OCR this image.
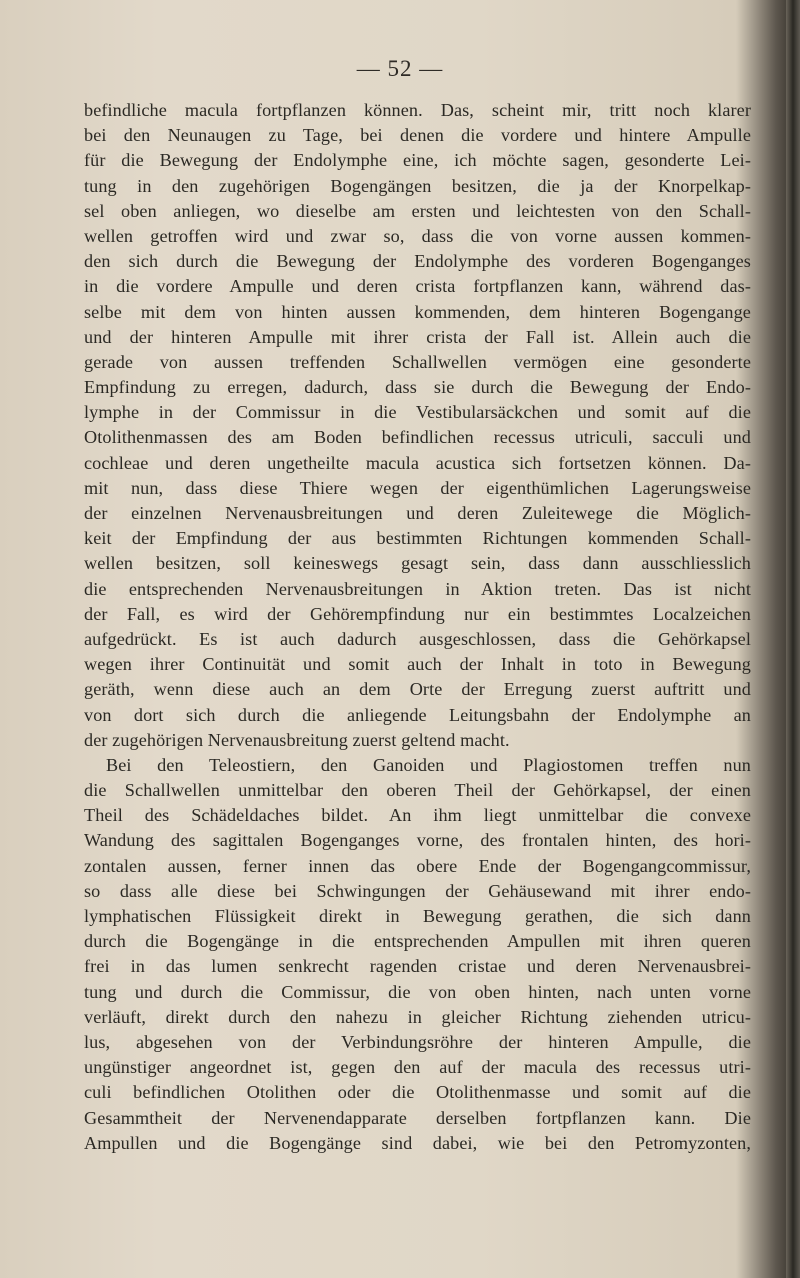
— 52 —
befindliche macula fortpflanzen können. Das, scheint mir, tritt noch klarer
bei den Neunaugen zu Tage, bei denen die vordere und hintere Ampulle
für die Bewegung der Endolymphe eine, ich möchte sagen, gesonderte Lei-
tung in den zugehörigen Bogengängen besitzen, die ja der Knorpelkap-
sel oben anliegen, wo dieselbe am ersten und leichtesten von den Schall-
wellen getroffen wird und zwar so, dass die von vorne aussen kommen-
den sich durch die Bewegung der Endolymphe des vorderen Bogenganges
in die vordere Ampulle und deren crista fortpflanzen kann, während das-
selbe mit dem von hinten aussen kommenden, dem hinteren Bogengange
und der hinteren Ampulle mit ihrer crista der Fall ist. Allein auch die
gerade von aussen treffenden Schallwellen vermögen eine gesonderte
Empfindung zu erregen, dadurch, dass sie durch die Bewegung der Endo-
lymphe in der Commissur in die Vestibularsäckchen und somit auf die
Otolithenmassen des am Boden befindlichen recessus utriculi, sacculi und
cochleae und deren ungetheilte macula acustica sich fortsetzen können. Da-
mit nun, dass diese Thiere wegen der eigenthümlichen Lagerungsweise
der einzelnen Nervenausbreitungen und deren Zuleitewege die Möglich-
keit der Empfindung der aus bestimmten Richtungen kommenden Schall-
wellen besitzen, soll keineswegs gesagt sein, dass dann ausschliesslich
die entsprechenden Nervenausbreitungen in Aktion treten. Das ist nicht
der Fall, es wird der Gehörempfindung nur ein bestimmtes Localzeichen
aufgedrückt. Es ist auch dadurch ausgeschlossen, dass die Gehörkapsel
wegen ihrer Continuität und somit auch der Inhalt in toto in Bewegung
geräth, wenn diese auch an dem Orte der Erregung zuerst auftritt und
von dort sich durch die anliegende Leitungsbahn der Endolymphe an
der zugehörigen Nervenausbreitung zuerst geltend macht.
Bei den Teleostiern, den Ganoiden und Plagiostomen treffen nun
die Schallwellen unmittelbar den oberen Theil der Gehörkapsel, der einen
Theil des Schädeldaches bildet. An ihm liegt unmittelbar die convexe
Wandung des sagittalen Bogenganges vorne, des frontalen hinten, des hori-
zontalen aussen, ferner innen das obere Ende der Bogengangcommissur,
so dass alle diese bei Schwingungen der Gehäusewand mit ihrer endo-
lymphatischen Flüssigkeit direkt in Bewegung gerathen, die sich dann
durch die Bogengänge in die entsprechenden Ampullen mit ihren queren
frei in das lumen senkrecht ragenden cristae und deren Nervenausbrei-
tung und durch die Commissur, die von oben hinten, nach unten vorne
verläuft, direkt durch den nahezu in gleicher Richtung ziehenden utricu-
lus, abgesehen von der Verbindungsröhre der hinteren Ampulle, die
ungünstiger angeordnet ist, gegen den auf der macula des recessus utri-
culi befindlichen Otolithen oder die Otolithenmasse und somit auf die
Gesammtheit der Nervenendapparate derselben fortpflanzen kann. Die
Ampullen und die Bogengänge sind dabei, wie bei den Petromyzonten,
